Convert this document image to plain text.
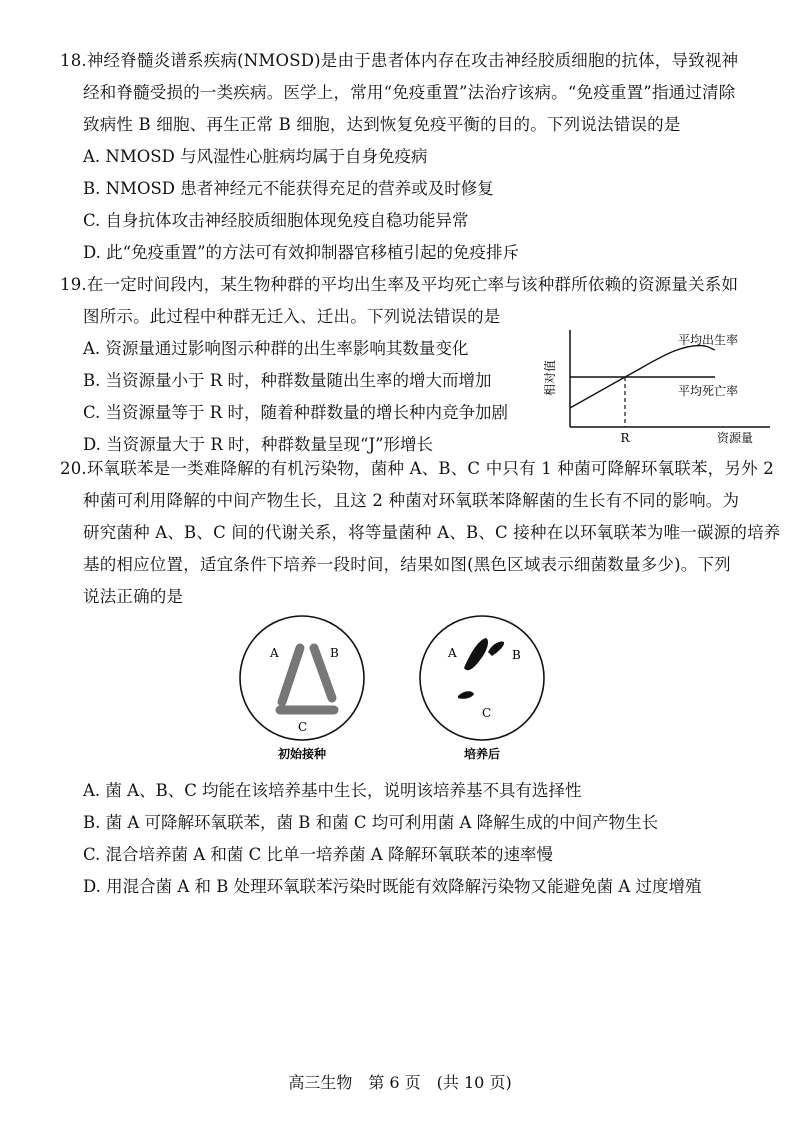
18.神经脊髓炎谱系疾病(NMOSD)是由于患者体内存在攻击神经胶质细胞的抗体，导致视神
经和脊髓受损的一类疾病。医学上，常用“免疫重置”法治疗该病。“免疫重置”指通过清除
致病性 B 细胞、再生正常 B 细胞，达到恢复免疫平衡的目的。下列说法错误的是
A. NMOSD 与风湿性心脏病均属于自身免疫病
B. NMOSD 患者神经元不能获得充足的营养或及时修复
C. 自身抗体攻击神经胶质细胞体现免疫自稳功能异常
D. 此“免疫重置”的方法可有效抑制器官移植引起的免疫排斥
19.在一定时间段内，某生物种群的平均出生率及平均死亡率与该种群所依赖的资源量关系如
图所示。此过程中种群无迁入、迁出。下列说法错误的是
A. 资源量通过影响图示种群的出生率影响其数量变化
B. 当资源量小于 R 时，种群数量随出生率的增大而增加
C. 当资源量等于 R 时，随着种群数量的增长种内竞争加剧
D. 当资源量大于 R 时，种群数量呈现“J”形增长
相对值
R	资源量
平均出生率
平均死亡率
20.环氧联苯是一类难降解的有机污染物，菌种 A、B、C 中只有 1 种菌可降解环氧联苯，另外 2
种菌可利用降解的中间产物生长，且这 2 种菌对环氧联苯降解菌的生长有不同的影响。为
研究菌种 A、B、C 间的代谢关系，将等量菌种 A、B、C 接种在以环氧联苯为唯一碳源的培养
基的相应位置，适宜条件下培养一段时间，结果如图(黑色区域表示细菌数量多少)。下列
说法正确的是
A	B
C
初始接种
A	B
C
培养后
A. 菌 A、B、C 均能在该培养基中生长，说明该培养基不具有选择性
B. 菌 A 可降解环氧联苯，菌 B 和菌 C 均可利用菌 A 降解生成的中间产物生长
C. 混合培养菌 A 和菌 C 比单一培养菌 A 降解环氧联苯的速率慢
D. 用混合菌 A 和 B 处理环氧联苯污染时既能有效降解污染物又能避免菌 A 过度增殖
高三生物　第 6 页　(共 10 页)
